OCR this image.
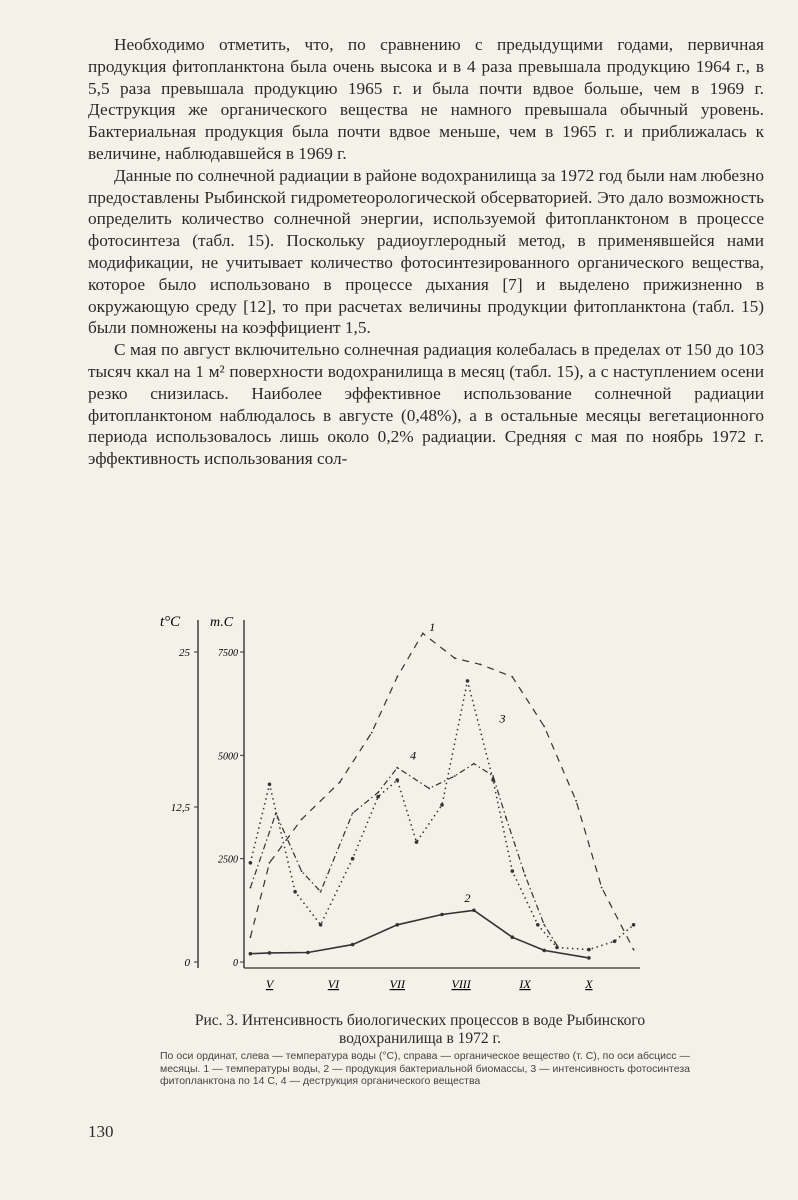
Необходимо отметить, что, по сравнению с предыдущими годами, первичная продукция фитопланктона была очень высока и в 4 раза превышала продукцию 1964 г., в 5,5 раза превышала продукцию 1965 г. и была почти вдвое больше, чем в 1969 г. Деструкция же органического вещества не намного превышала обычный уровень. Бактериальная продукция была почти вдвое меньше, чем в 1965 г. и приближалась к величине, наблюдавшейся в 1969 г.

Данные по солнечной радиации в районе водохранилища за 1972 год были нам любезно предоставлены Рыбинской гидрометеорологической обсерваторией. Это дало возможность определить количество солнечной энергии, используемой фитопланктоном в процессе фотосинтеза (табл. 15). Поскольку радиоуглеродный метод, в применявшейся нами модификации, не учитывает количество фотосинтезированного органического вещества, которое было использовано в процессе дыхания [7] и выделено прижизненно в окружающую среду [12], то при расчетах величины продукции фитопланктона (табл. 15) были помножены на коэффициент 1,5.

С мая по август включительно солнечная радиация колебалась в пределах от 150 до 103 тысяч ккал на 1 м² поверхности водохранилища в месяц (табл. 15), а с наступлением осени резко снизилась. Наиболее эффективное использование солнечной радиации фитопланктоном наблюдалось в августе (0,48%), а в остальные месяцы вегетационного периода использовалось лишь около 0,2% радиации. Средняя с мая по ноябрь 1972 г. эффективность использования сол-

t°C т.C
25
12,5
0
7500
5000
2500
0
V	VI	VII	VIII	IX	X
1
2
3
4
Рис. 3. Интенсивность биологических процессов в воде Рыбинского водохранилища в 1972 г.
По оси ординат, слева — температура воды (°С), справа — органическое вещество (т. С), по оси абсцисс — месяцы. 1 — температуры воды, 2 — продукция бактериальной биомассы, 3 — интенсивность фотосинтеза фитопланктона по 14 С, 4 — деструкция органического вещества
130
